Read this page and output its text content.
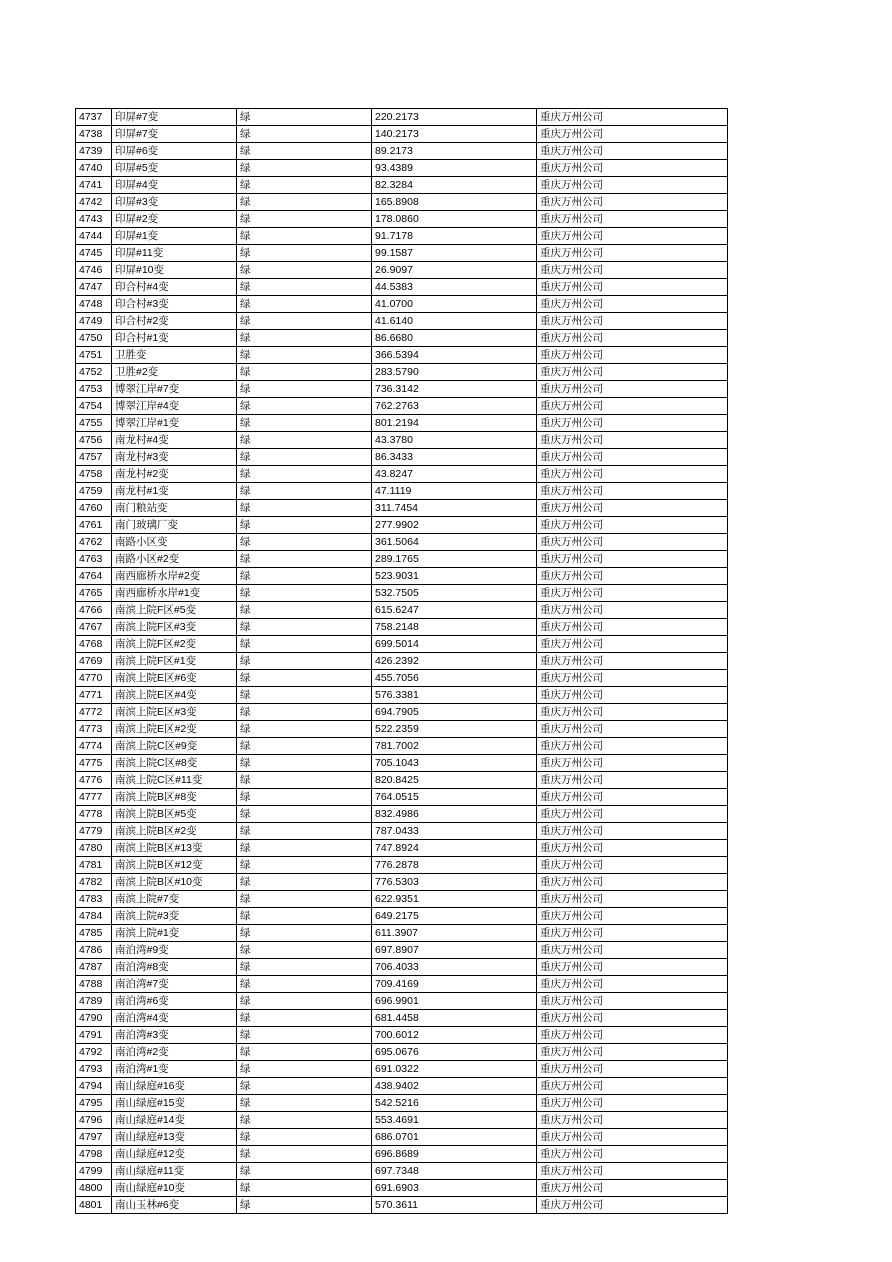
4737	印屏#7变	绿	220.2173	重庆万州公司
4738	印屏#7变	绿	140.2173	重庆万州公司
4739	印屏#6变	绿	89.2173	重庆万州公司
4740	印屏#5变	绿	93.4389	重庆万州公司
4741	印屏#4变	绿	82.3284	重庆万州公司
4742	印屏#3变	绿	165.8908	重庆万州公司
4743	印屏#2变	绿	178.0860	重庆万州公司
4744	印屏#1变	绿	91.7178	重庆万州公司
4745	印屏#11变	绿	99.1587	重庆万州公司
4746	印屏#10变	绿	26.9097	重庆万州公司
4747	印合村#4变	绿	44.5383	重庆万州公司
4748	印合村#3变	绿	41.0700	重庆万州公司
4749	印合村#2变	绿	41.6140	重庆万州公司
4750	印合村#1变	绿	86.6680	重庆万州公司
4751	卫胜变	绿	366.5394	重庆万州公司
4752	卫胜#2变	绿	283.5790	重庆万州公司
4753	博翠江岸#7变	绿	736.3142	重庆万州公司
4754	博翠江岸#4变	绿	762.2763	重庆万州公司
4755	博翠江岸#1变	绿	801.2194	重庆万州公司
4756	南龙村#4变	绿	43.3780	重庆万州公司
4757	南龙村#3变	绿	86.3433	重庆万州公司
4758	南龙村#2变	绿	43.8247	重庆万州公司
4759	南龙村#1变	绿	47.1119	重庆万州公司
4760	南门粮站变	绿	311.7454	重庆万州公司
4761	南门玻璃厂变	绿	277.9902	重庆万州公司
4762	南路小区变	绿	361.5064	重庆万州公司
4763	南路小区#2变	绿	289.1765	重庆万州公司
4764	南西廊桥水岸#2变	绿	523.9031	重庆万州公司
4765	南西廊桥水岸#1变	绿	532.7505	重庆万州公司
4766	南滨上院F区#5变	绿	615.6247	重庆万州公司
4767	南滨上院F区#3变	绿	758.2148	重庆万州公司
4768	南滨上院F区#2变	绿	699.5014	重庆万州公司
4769	南滨上院F区#1变	绿	426.2392	重庆万州公司
4770	南滨上院E区#6变	绿	455.7056	重庆万州公司
4771	南滨上院E区#4变	绿	576.3381	重庆万州公司
4772	南滨上院E区#3变	绿	694.7905	重庆万州公司
4773	南滨上院E区#2变	绿	522.2359	重庆万州公司
4774	南滨上院C区#9变	绿	781.7002	重庆万州公司
4775	南滨上院C区#8变	绿	705.1043	重庆万州公司
4776	南滨上院C区#11变	绿	820.8425	重庆万州公司
4777	南滨上院B区#8变	绿	764.0515	重庆万州公司
4778	南滨上院B区#5变	绿	832.4986	重庆万州公司
4779	南滨上院B区#2变	绿	787.0433	重庆万州公司
4780	南滨上院B区#13变	绿	747.8924	重庆万州公司
4781	南滨上院B区#12变	绿	776.2878	重庆万州公司
4782	南滨上院B区#10变	绿	776.5303	重庆万州公司
4783	南滨上院#7变	绿	622.9351	重庆万州公司
4784	南滨上院#3变	绿	649.2175	重庆万州公司
4785	南滨上院#1变	绿	611.3907	重庆万州公司
4786	南泊湾#9变	绿	697.8907	重庆万州公司
4787	南泊湾#8变	绿	706.4033	重庆万州公司
4788	南泊湾#7变	绿	709.4169	重庆万州公司
4789	南泊湾#6变	绿	696.9901	重庆万州公司
4790	南泊湾#4变	绿	681.4458	重庆万州公司
4791	南泊湾#3变	绿	700.6012	重庆万州公司
4792	南泊湾#2变	绿	695.0676	重庆万州公司
4793	南泊湾#1变	绿	691.0322	重庆万州公司
4794	南山绿庭#16变	绿	438.9402	重庆万州公司
4795	南山绿庭#15变	绿	542.5216	重庆万州公司
4796	南山绿庭#14变	绿	553.4691	重庆万州公司
4797	南山绿庭#13变	绿	686.0701	重庆万州公司
4798	南山绿庭#12变	绿	696.8689	重庆万州公司
4799	南山绿庭#11变	绿	697.7348	重庆万州公司
4800	南山绿庭#10变	绿	691.6903	重庆万州公司
4801	南山玉林#6变	绿	570.3611	重庆万州公司
